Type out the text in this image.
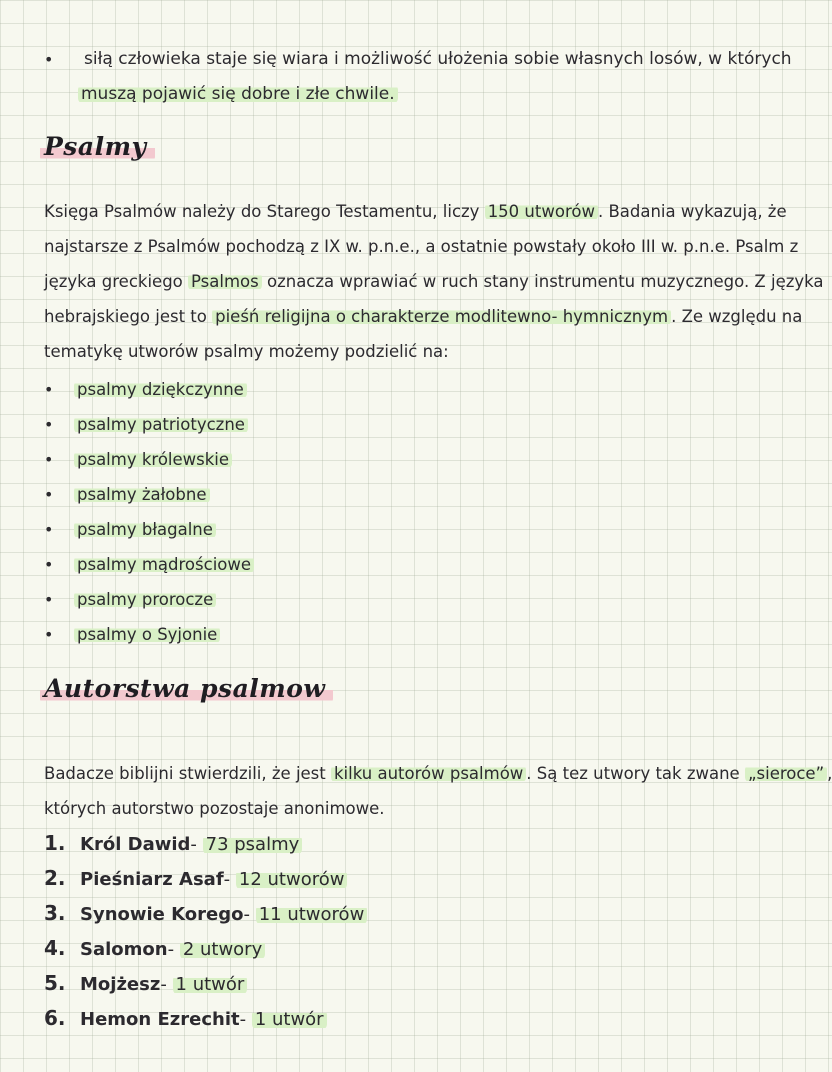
• siłą człowieka staje się wiara i możliwość ułożenia sobie własnych losów, w których
muszą pojawić się dobre i złe chwile.
Psalmy

Księga Psalmów należy do Starego Testamentu, liczy 150 utworów . Badania wykazują, że

najstarsze z Psalmów pochodzą z IX w. p.n.e., a ostatnie powstały około III w. p.n.e. Psalm z

języka greckiego Psalmos oznacza wprawiać w ruch stany instrumentu muzycznego. Z języka

hebrajskiego jest to pieśń religijna o charakterze modlitewno- hymnicznym . Ze względu na

tematykę utworów psalmy możemy podzielić na:

• psalmy dziękczynne
• psalmy patriotyczne
• psalmy królewskie
• psalmy żałobne
• psalmy błagalne
• psalmy mądrościowe
• psalmy prorocze
• psalmy o Syjonie
Autorstwa psalmow

Badacze biblijni stwierdzili, że jest kilku autorów psalmów . Są tez utwory tak zwane „sieroce” ,

których autorstwo pozostaje anonimowe.

1. Król Dawid- 73 psalmy
2. Pieśniarz Asaf- 12 utworów
3. Synowie Korego- 11 utworów
4. Salomon- 2 utwory
5. Mojżesz- 1 utwór
6. Hemon Ezrechit- 1 utwór
